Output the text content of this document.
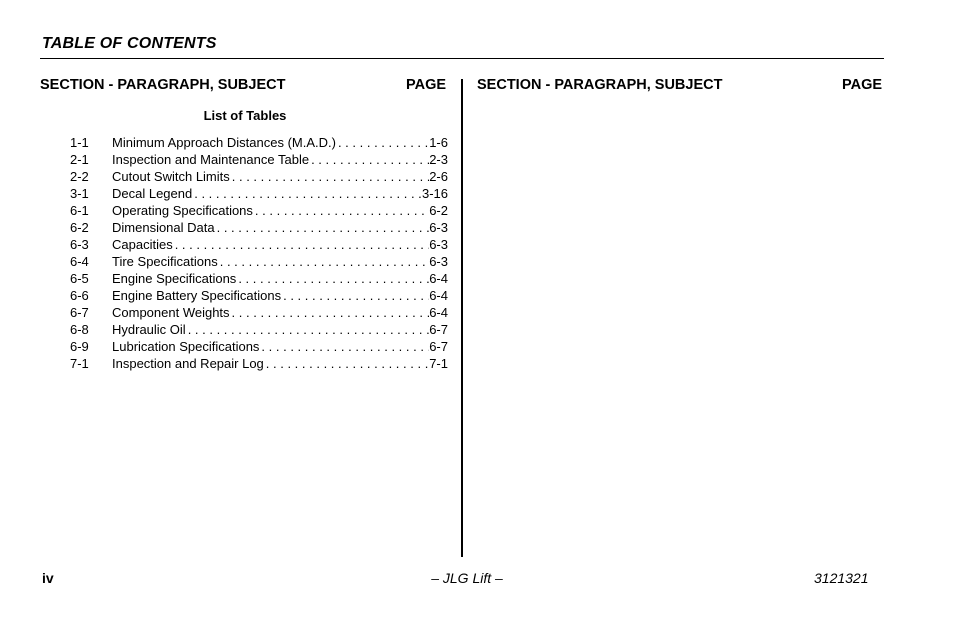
TABLE OF CONTENTS
SECTION - PARAGRAPH, SUBJECT	PAGE SECTION - PARAGRAPH, SUBJECT	PAGE
List of Tables
1-1	Minimum Approach Distances (M.A.D.) . . .	1-6
2-1	Inspection and Maintenance Table . . .	2-3
2-2	Cutout Switch Limits . . .	2-6
3-1	Decal Legend . . .	3-16
6-1	Operating Specifications . . .	6-2
6-2	Dimensional Data . . .	6-3
6-3	Capacities . . .	6-3
6-4	Tire Specifications . . .	6-3
6-5	Engine Specifications . . .	6-4
6-6	Engine Battery Specifications . . .	6-4
6-7	Component Weights . . .	6-4
6-8	Hydraulic Oil . . .	6-7
6-9	Lubrication Specifications . . .	6-7
7-1	Inspection and Repair Log . . .	7-1
iv	– JLG Lift –	3121321
